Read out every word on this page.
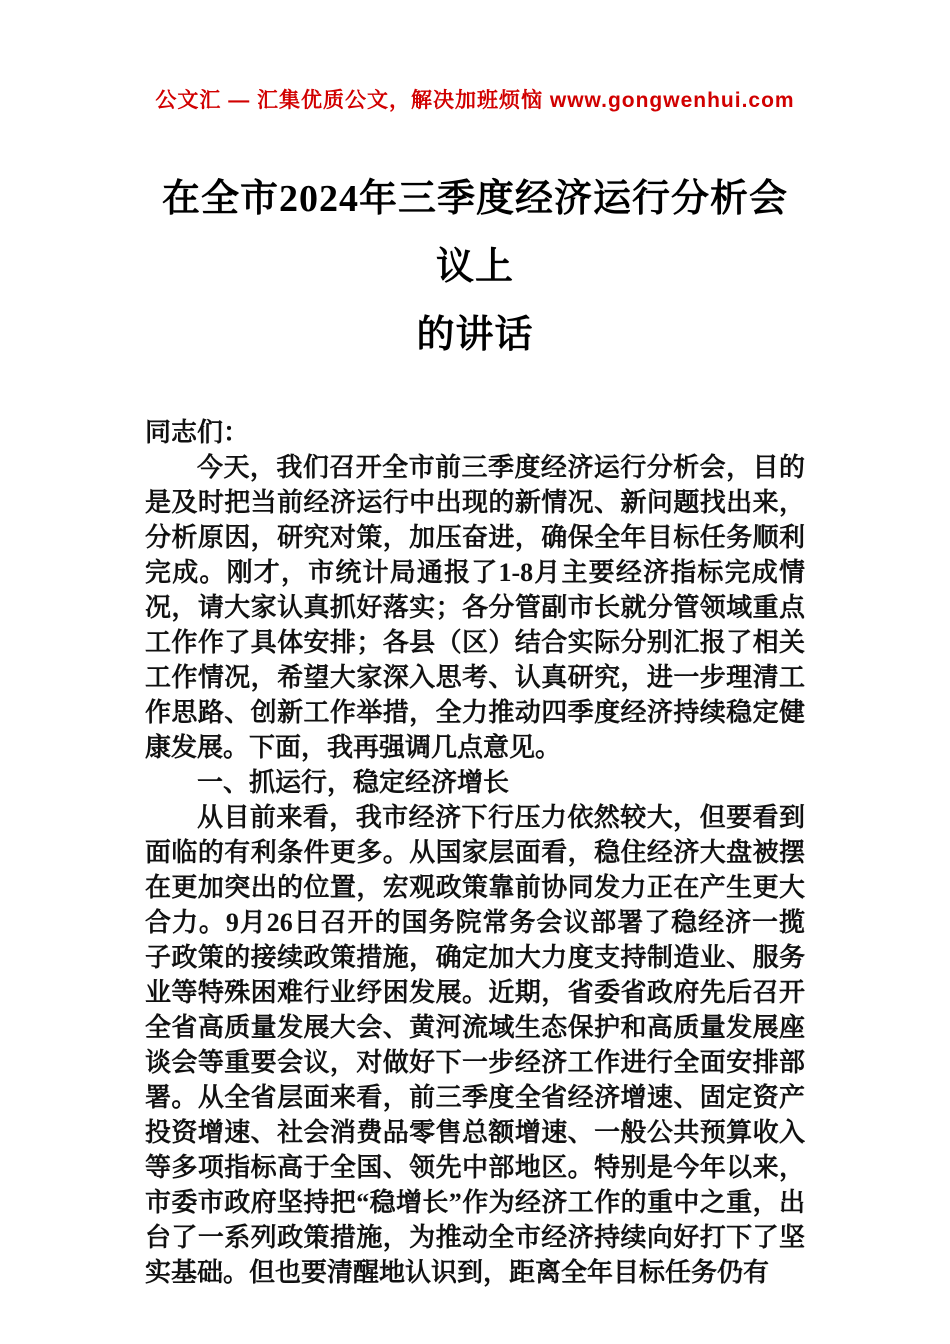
公文汇 — 汇集优质公文，解决加班烦恼 www.gongwenhui.com
在全市2024年三季度经济运行分析会议上
的讲话

同志们：

今天，我们召开全市前三季度经济运行分析会，目的是及时把当前经济运行中出现的新情况、新问题找出来，分析原因，研究对策，加压奋进，确保全年目标任务顺利完成。刚才，市统计局通报了1-8月主要经济指标完成情况，请大家认真抓好落实；各分管副市长就分管领域重点工作作了具体安排；各县（区）结合实际分别汇报了相关工作情况，希望大家深入思考、认真研究，进一步理清工作思路、创新工作举措，全力推动四季度经济持续稳定健康发展。下面，我再强调几点意见。

一、抓运行，稳定经济增长

从目前来看，我市经济下行压力依然较大，但要看到面临的有利条件更多。从国家层面看，稳住经济大盘被摆在更加突出的位置，宏观政策靠前协同发力正在产生更大合力。9月26日召开的国务院常务会议部署了稳经济一揽子政策的接续政策措施，确定加大力度支持制造业、服务业等特殊困难行业纾困发展。近期，省委省政府先后召开全省高质量发展大会、黄河流域生态保护和高质量发展座谈会等重要会议，对做好下一步经济工作进行全面安排部署。从全省层面来看，前三季度全省经济增速、固定资产投资增速、社会消费品零售总额增速、一般公共预算收入等多项指标高于全国、领先中部地区。特别是今年以来，市委市政府坚持把“稳增长”作为经济工作的重中之重，出台了一系列政策措施，为推动全市经济持续向好打下了坚实基础。但也要清醒地认识到，距离全年目标任务仍有
